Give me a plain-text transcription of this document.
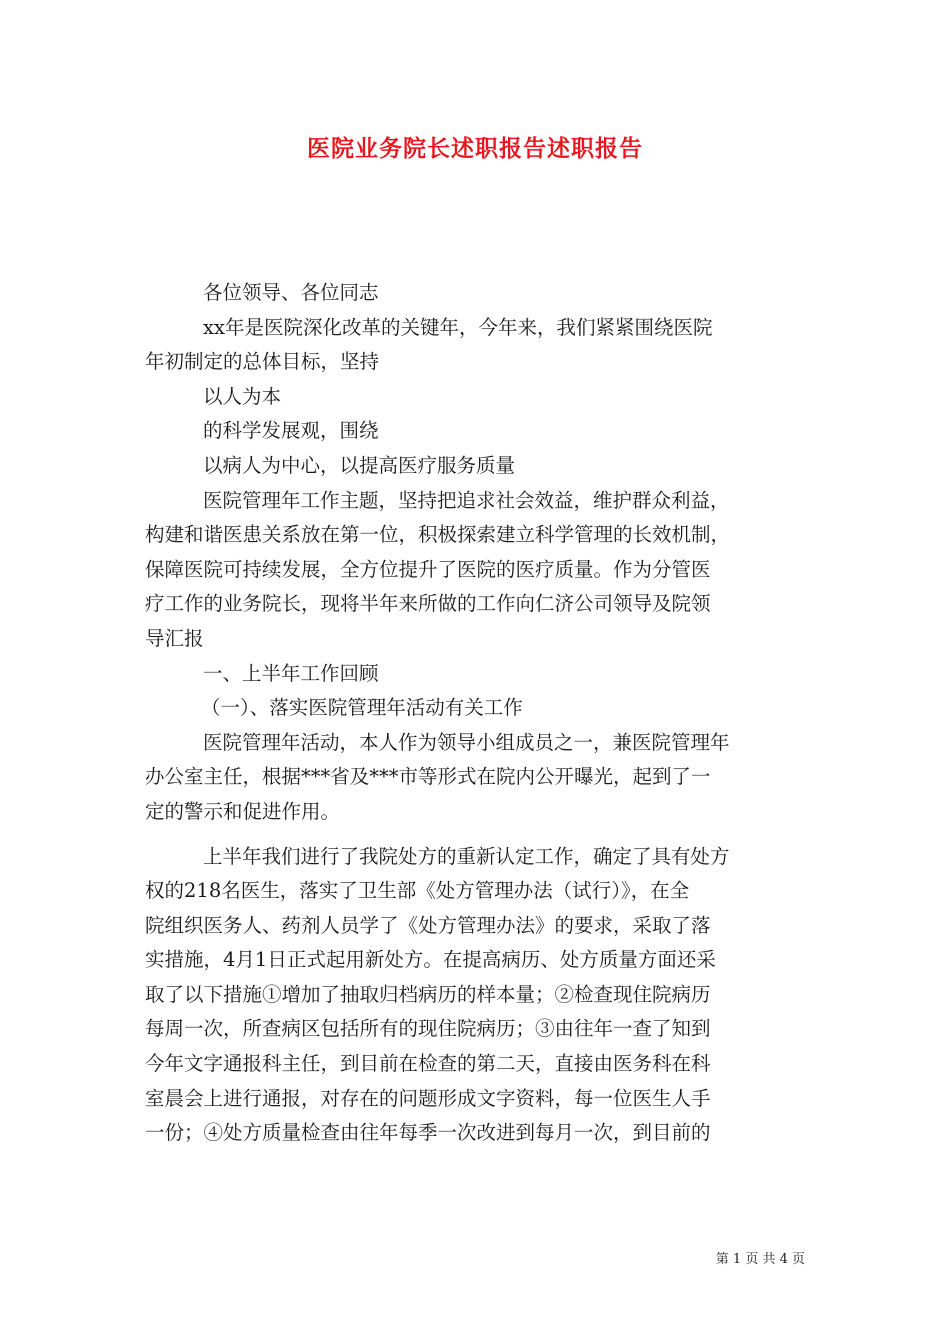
医院业务院长述职报告述职报告
各位领导、各位同志
xx年是医院深化改革的关键年，今年来，我们紧紧围绕医院
年初制定的总体目标，坚持
以人为本
的科学发展观，围绕
以病人为中心，以提高医疗服务质量
医院管理年工作主题，坚持把追求社会效益，维护群众利益，
构建和谐医患关系放在第一位，积极探索建立科学管理的长效机制，
保障医院可持续发展，全方位提升了医院的医疗质量。作为分管医
疗工作的业务院长，现将半年来所做的工作向仁济公司领导及院领
导汇报
一、上半年工作回顾
（一）、落实医院管理年活动有关工作
医院管理年活动，本人作为领导小组成员之一，兼医院管理年
办公室主任，根据***省及***市等形式在院内公开曝光，起到了一
定的警示和促进作用。
上半年我们进行了我院处方的重新认定工作，确定了具有处方
权的218名医生，落实了卫生部《处方管理办法（试行）》，在全
院组织医务人、药剂人员学了《处方管理办法》的要求，采取了落
实措施，4月1日正式起用新处方。在提高病历、处方质量方面还采
取了以下措施①增加了抽取归档病历的样本量；②检查现住院病历
每周一次，所查病区包括所有的现住院病历；③由往年一查了知到
今年文字通报科主任，到目前在检查的第二天，直接由医务科在科
室晨会上进行通报，对存在的问题形成文字资料，每一位医生人手
一份；④处方质量检查由往年每季一次改进到每月一次，到目前的
第 1 页 共 4 页
